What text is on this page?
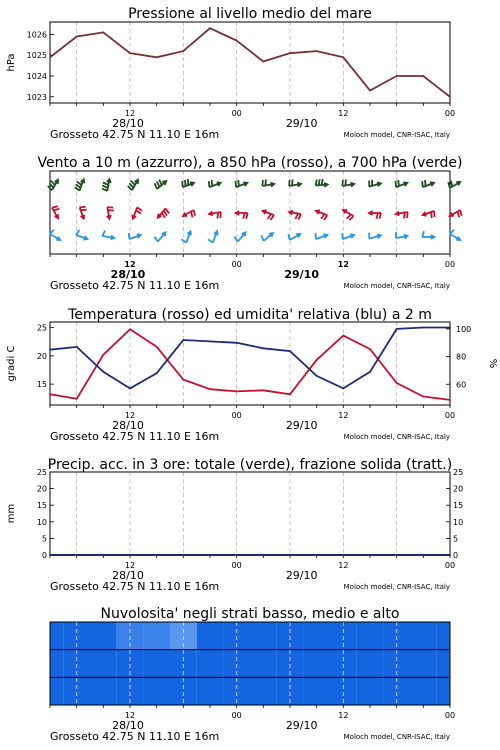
Pressione al livello medio del mare
12	00	12	00
28/10	29/10
Grosseto 42.75 N 11.10 E 16m	Moloch model, CNR-ISAC, Italy
1023
1024
1025
1026
hPa
Vento a 10 m (azzurro), a 850 hPa (rosso), a 700 hPa (verde)
12	00	12	00
28/10	29/10
Grosseto 42.75 N 11.10 E 16m	Moloch model, CNR-ISAC, Italy
Temperatura (rosso) ed umidita' relativa (blu) a 2 m
12	00	12	00
28/10	29/10
Grosseto 42.75 N 11.10 E 16m	Moloch model, CNR-ISAC, Italy
15
20
25
gradi C
60
80
100
%
Precip. acc. in 3 ore: totale (verde), frazione solida (tratt.)
12	00	12	00
28/10	29/10
Grosseto 42.75 N 11.10 E 16m	Moloch model, CNR-ISAC, Italy
0	0
5	5
10	10
15	15
20	20
25	25
mm
Nuvolosita' negli strati basso, medio e alto
12	00	12	00
28/10	29/10
Grosseto 42.75 N 11.10 E 16m	Moloch model, CNR-ISAC, Italy
